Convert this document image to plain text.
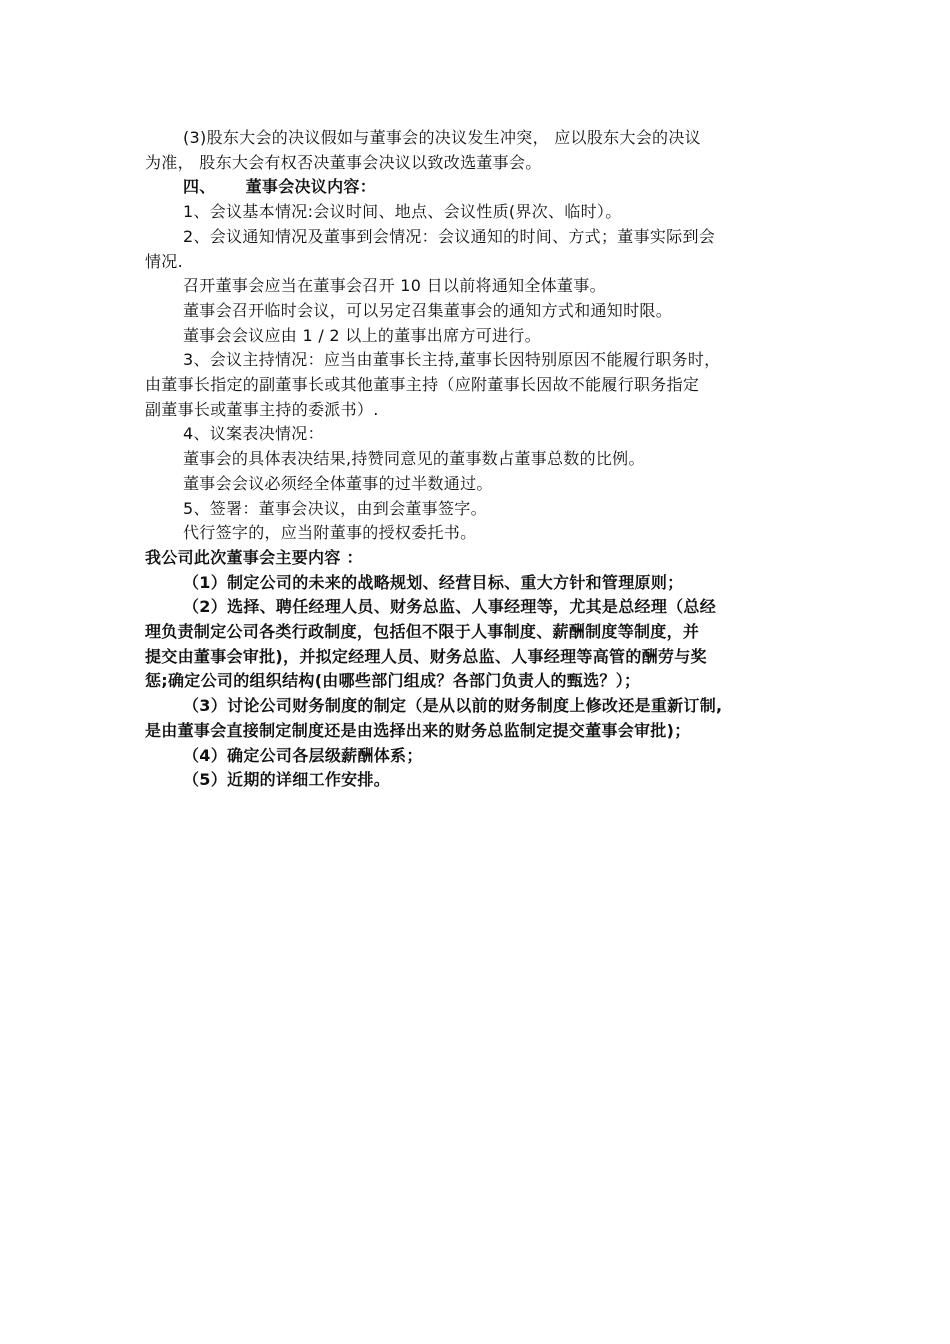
(3)股东大会的决议假如与董事会的决议发生冲突， 应以股东大会的决议
为准， 股东大会有权否决董事会决议以致改选董事会。
四、 董事会决议内容：
1、会议基本情况:会议时间、地点、会议性质(界次、临时）。
2、会议通知情况及董事到会情况：会议通知的时间、方式；董事实际到会
情况.
召开董事会应当在董事会召开 10 日以前将通知全体董事。
董事会召开临时会议，可以另定召集董事会的通知方式和通知时限。
董事会会议应由 1 / 2 以上的董事出席方可进行。
3、会议主持情况：应当由董事长主持,董事长因特别原因不能履行职务时，
由董事长指定的副董事长或其他董事主持（应附董事长因故不能履行职务指定
副董事长或董事主持的委派书）.
4、议案表决情况：
董事会的具体表决结果,持赞同意见的董事数占董事总数的比例。
董事会会议必须经全体董事的过半数通过。
5、签署：董事会决议，由到会董事签字。
代行签字的，应当附董事的授权委托书。
我公司此次董事会主要内容 ：
（1）制定公司的未来的战略规划、经营目标、重大方针和管理原则；
（2）选择、聘任经理人员、财务总监、人事经理等，尤其是总经理（总经
理负责制定公司各类行政制度，包括但不限于人事制度、薪酬制度等制度，并
提交由董事会审批)，并拟定经理人员、财务总监、人事经理等高管的酬劳与奖
惩;确定公司的组织结构(由哪些部门组成？各部门负责人的甄选？）；
（3）讨论公司财务制度的制定（是从以前的财务制度上修改还是重新订制,
是由董事会直接制定制度还是由选择出来的财务总监制定提交董事会审批)；
（4）确定公司各层级薪酬体系；
（5）近期的详细工作安排。
